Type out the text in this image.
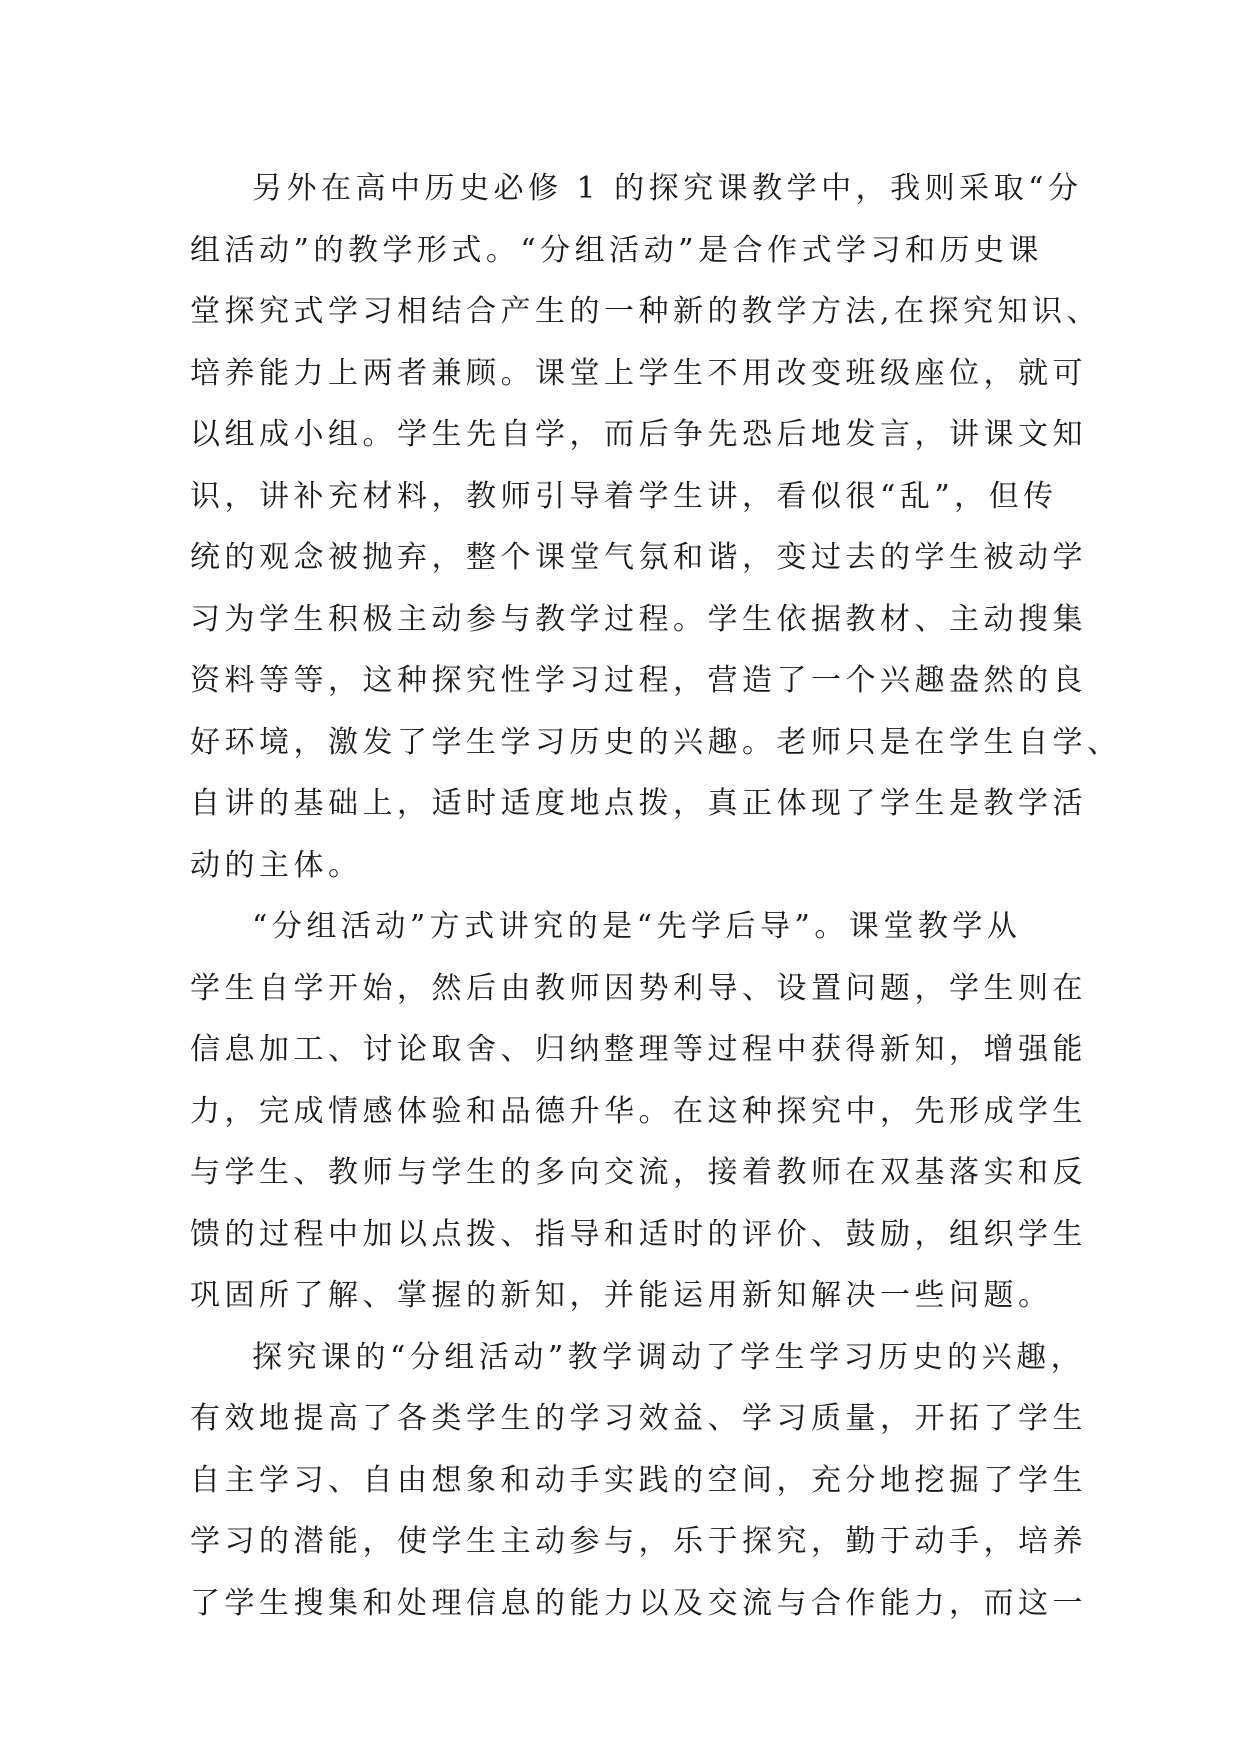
另外在高中历史必修 1 的探究课教学中，我则采取“分
组活动”的教学形式。“分组活动”是合作式学习和历史课
堂探究式学习相结合产生的一种新的教学方法,在探究知识、
培养能力上两者兼顾。课堂上学生不用改变班级座位，就可
以组成小组。学生先自学，而后争先恐后地发言，讲课文知
识，讲补充材料，教师引导着学生讲，看似很“乱”，但传
统的观念被抛弃，整个课堂气氛和谐，变过去的学生被动学
习为学生积极主动参与教学过程。学生依据教材、主动搜集
资料等等，这种探究性学习过程，营造了一个兴趣盎然的良
好环境，激发了学生学习历史的兴趣。老师只是在学生自学、
自讲的基础上，适时适度地点拨，真正体现了学生是教学活
动的主体。
“分组活动”方式讲究的是“先学后导”。课堂教学从
学生自学开始，然后由教师因势利导、设置问题，学生则在
信息加工、讨论取舍、归纳整理等过程中获得新知，增强能
力，完成情感体验和品德升华。在这种探究中，先形成学生
与学生、教师与学生的多向交流，接着教师在双基落实和反
馈的过程中加以点拨、指导和适时的评价、鼓励，组织学生
巩固所了解、掌握的新知，并能运用新知解决一些问题。
探究课的“分组活动”教学调动了学生学习历史的兴趣，
有效地提高了各类学生的学习效益、学习质量，开拓了学生
自主学习、自由想象和动手实践的空间，充分地挖掘了学生
学习的潜能，使学生主动参与，乐于探究，勤于动手，培养
了学生搜集和处理信息的能力以及交流与合作能力，而这一
